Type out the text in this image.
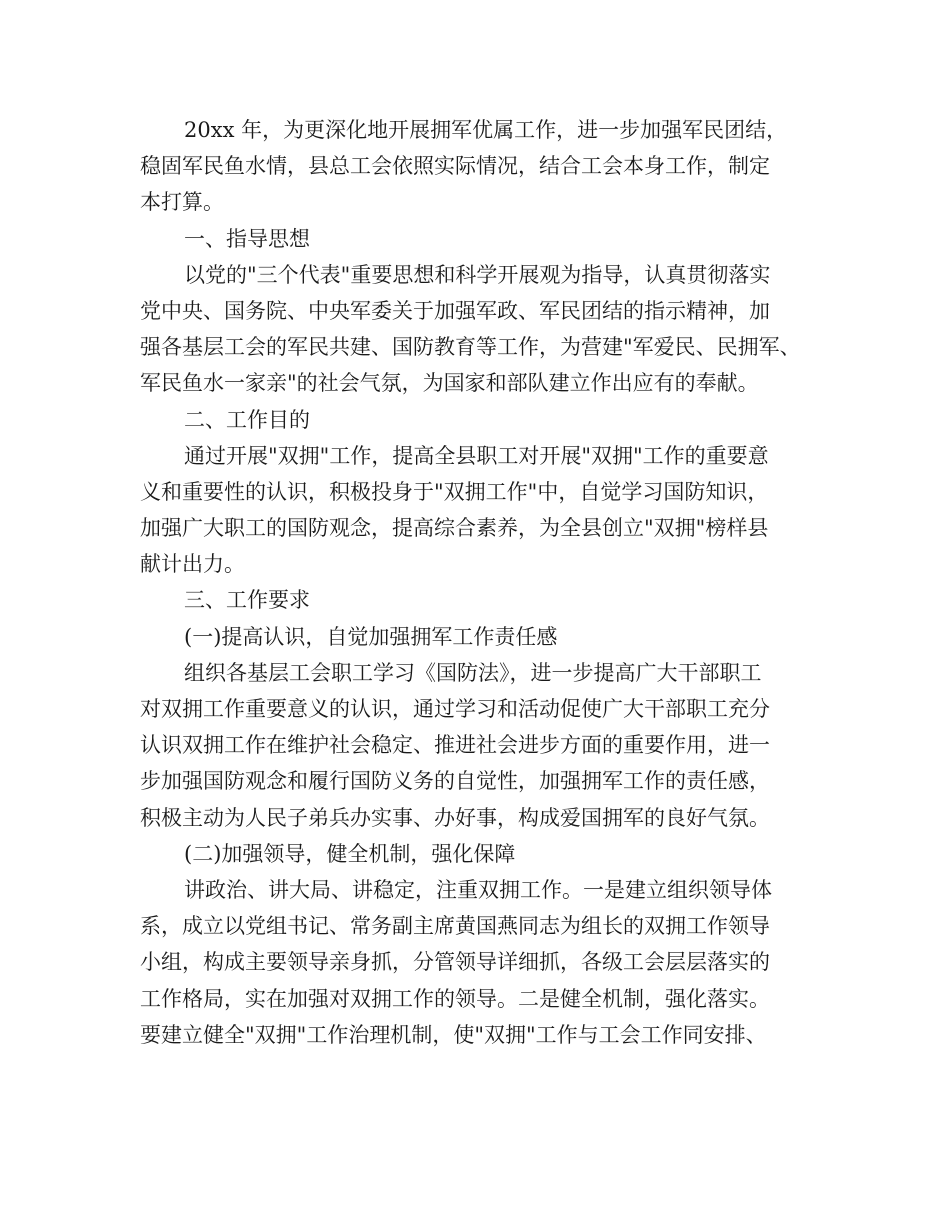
20xx 年，为更深化地开展拥军优属工作，进一步加强军民团结，
稳固军民鱼水情，县总工会依照实际情况，结合工会本身工作，制定
本打算。
一、指导思想
以党的"三个代表"重要思想和科学开展观为指导，认真贯彻落实
党中央、国务院、中央军委关于加强军政、军民团结的指示精神，加
强各基层工会的军民共建、国防教育等工作，为营建"军爱民、民拥军、
军民鱼水一家亲"的社会气氛，为国家和部队建立作出应有的奉献。
二、工作目的
通过开展"双拥"工作，提高全县职工对开展"双拥"工作的重要意
义和重要性的认识，积极投身于"双拥工作"中，自觉学习国防知识，
加强广大职工的国防观念，提高综合素养，为全县创立"双拥"榜样县
献计出力。
三、工作要求
(一)提高认识，自觉加强拥军工作责任感
组织各基层工会职工学习《国防法》，进一步提高广大干部职工
对双拥工作重要意义的认识，通过学习和活动促使广大干部职工充分
认识双拥工作在维护社会稳定、推进社会进步方面的重要作用，进一
步加强国防观念和履行国防义务的自觉性，加强拥军工作的责任感，
积极主动为人民子弟兵办实事、办好事，构成爱国拥军的良好气氛。
(二)加强领导，健全机制，强化保障
讲政治、讲大局、讲稳定，注重双拥工作。一是建立组织领导体
系，成立以党组书记、常务副主席黄国燕同志为组长的双拥工作领导
小组，构成主要领导亲身抓，分管领导详细抓，各级工会层层落实的
工作格局，实在加强对双拥工作的领导。二是健全机制，强化落实。
要建立健全"双拥"工作治理机制，使"双拥"工作与工会工作同安排、
